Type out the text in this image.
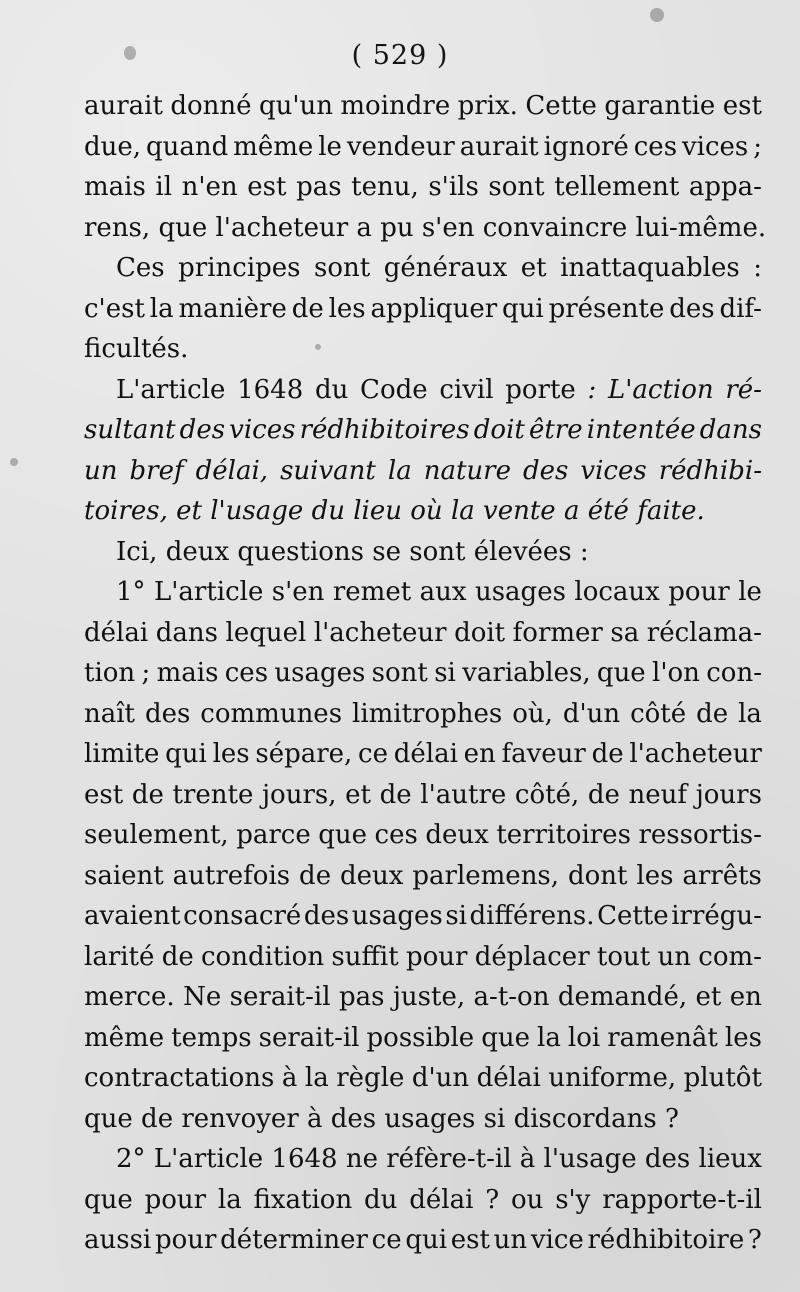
( 529 )
aurait donné qu'un moindre prix. Cette garantie est
due, quand même le vendeur aurait ignoré ces vices ;
mais il n'en est pas tenu, s'ils sont tellement appa-
rens, que l'acheteur a pu s'en convaincre lui-même.
Ces principes sont généraux et inattaquables :
c'est la manière de les appliquer qui présente des dif-
ficultés.
L'article 1648 du Code civil porte : L'action ré-
sultant des vices rédhibitoires doit être intentée dans
un bref délai, suivant la nature des vices rédhibi-
toires, et l'usage du lieu où la vente a été faite.
Ici, deux questions se sont élevées :
1° L'article s'en remet aux usages locaux pour le
délai dans lequel l'acheteur doit former sa réclama-
tion ; mais ces usages sont si variables, que l'on con-
naît des communes limitrophes où, d'un côté de la
limite qui les sépare, ce délai en faveur de l'acheteur
est de trente jours, et de l'autre côté, de neuf jours
seulement, parce que ces deux territoires ressortis-
saient autrefois de deux parlemens, dont les arrêts
avaient consacré des usages si différens. Cette irrégu-
larité de condition suffit pour déplacer tout un com-
merce. Ne serait-il pas juste, a-t-on demandé, et en
même temps serait-il possible que la loi ramenât les
contractations à la règle d'un délai uniforme, plutôt
que de renvoyer à des usages si discordans ?
2° L'article 1648 ne réfère-t-il à l'usage des lieux
que pour la fixation du délai ? ou s'y rapporte-t-il
aussi pour déterminer ce qui est un vice rédhibitoire ?
